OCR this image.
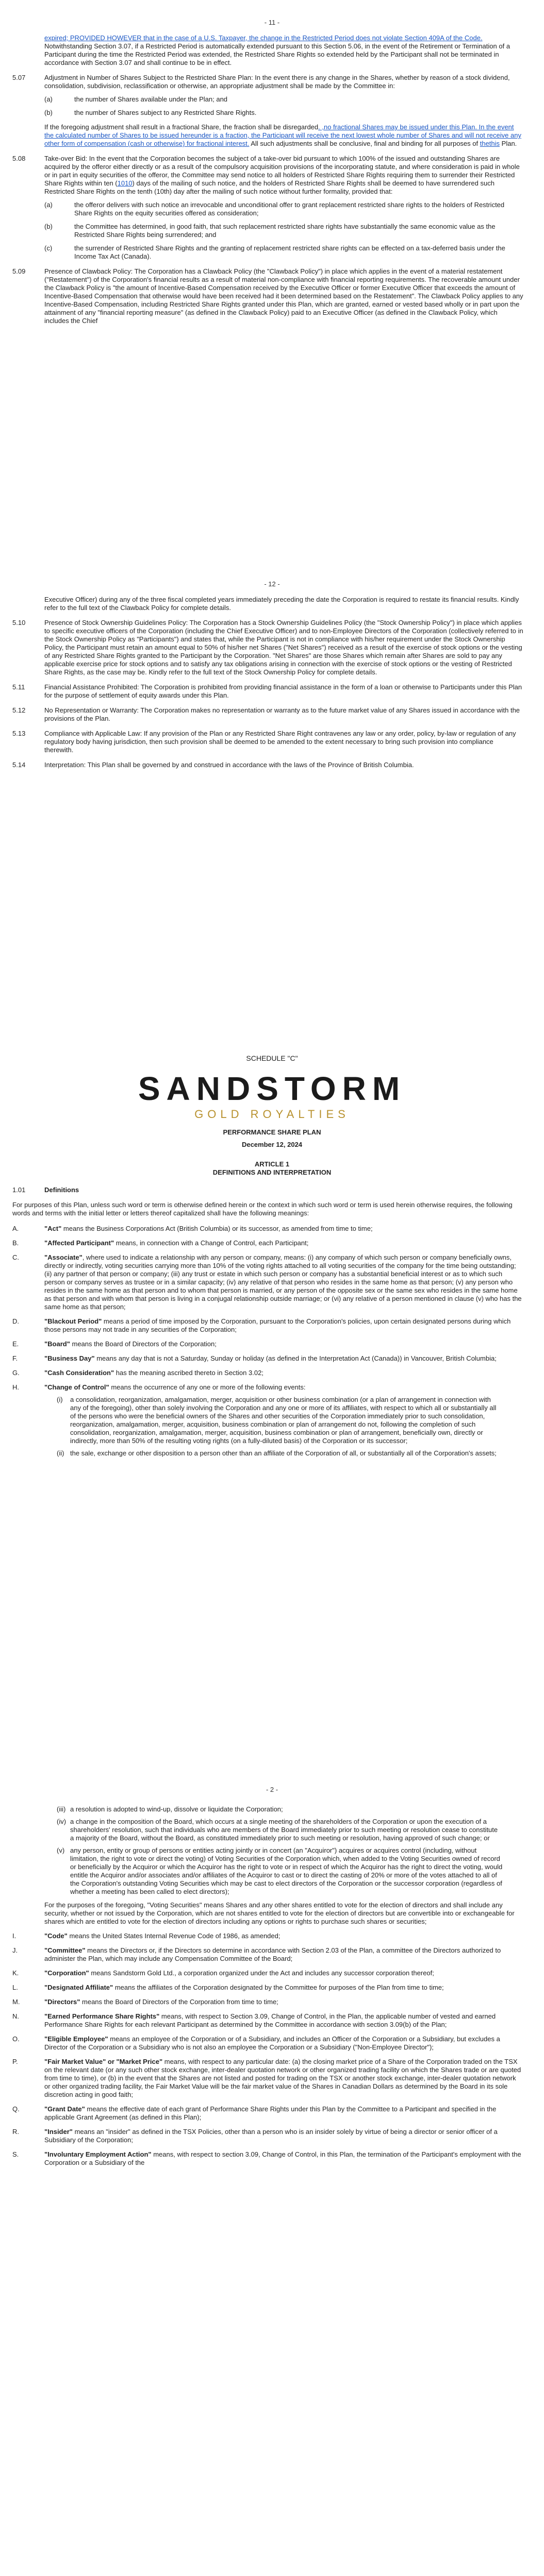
- 11 -

expired; PROVIDED HOWEVER that in the case of a U.S. Taxpayer, the change in the Restricted Period does not violate Section 409A of the Code. Notwithstanding Section 3.07, if a Restricted Period is automatically extended pursuant to this Section 5.06, in the event of the Retirement or Termination of a Participant during the time the Restricted Period was extended, the Restricted Share Rights so extended held by the Participant shall not be terminated in accordance with Section 3.07 and shall continue to be in effect.

5.07	Adjustment in Number of Shares Subject to the Restricted Share Plan: In the event there is any change in the Shares, whether by reason of a stock dividend, consolidation, subdivision, reclassification or otherwise, an appropriate adjustment shall be made by the Committee in:

(a)	the number of Shares available under the Plan; and
(b)	the number of Shares subject to any Restricted Share Rights.

If the foregoing adjustment shall result in a fractional Share, the fraction shall be disregarded. ,no fractional Shares may be issued under this Plan. In the event the calculated number of Shares to be issued hereunder is a fraction, the Participant will receive the next lowest whole number of Shares and will not receive any other form of compensation (cash or otherwise) for fractional interest. All such adjustments shall be conclusive, final and binding for all purposes of thethis Plan.

5.08	Take-over Bid: In the event that the Corporation becomes the subject of a take-over bid pursuant to which 100% of the issued and outstanding Shares are acquired by the offeror either directly or as a result of the compulsory acquisition provisions of the incorporating statute, and where consideration is paid in whole or in part in equity securities of the offeror, the Committee may send notice to all holders of Restricted Share Rights requiring them to surrender their Restricted Share Rights within ten (1010) days of the mailing of such notice, and the holders of Restricted Share Rights shall be deemed to have surrendered such Restricted Share Rights on the tenth (10th) day after the mailing of such notice without further formality, provided that:

(a)	the offeror delivers with such notice an irrevocable and unconditional offer to grant replacement restricted share rights to the holders of Restricted Share Rights on the equity securities offered as consideration;
(b)	the Committee has determined, in good faith, that such replacement restricted share rights have substantially the same economic value as the Restricted Share Rights being surrendered; and
(c)	the surrender of Restricted Share Rights and the granting of replacement restricted share rights can be effected on a tax-deferred basis under the Income Tax Act (Canada).
5.09	Presence of Clawback Policy: The Corporation has a Clawback Policy (the "Clawback Policy") in place which applies in the event of a material restatement ("Restatement") of the Corporation's financial results as a result of material non-compliance with financial reporting requirements. The recoverable amount under the Clawback Policy is "the amount of Incentive-Based Compensation received by the Executive Officer or former Executive Officer that exceeds the amount of Incentive-Based Compensation that otherwise would have been received had it been determined based on the Restatement". The Clawback Policy applies to any Incentive-Based Compensation, including Restricted Share Rights granted under this Plan, which are granted, earned or vested based wholly or in part upon the attainment of any "financial reporting measure" (as defined in the Clawback Policy) paid to an Executive Officer (as defined in the Clawback Policy, which includes the Chief

- 12 -

Executive Officer) during any of the three fiscal completed years immediately preceding the date the Corporation is required to restate its financial results. Kindly refer to the full text of the Clawback Policy for complete details.

5.10	Presence of Stock Ownership Guidelines Policy: The Corporation has a Stock Ownership Guidelines Policy (the "Stock Ownership Policy") in place which applies to specific executive officers of the Corporation (including the Chief Executive Officer) and to non-Employee Directors of the Corporation (collectively referred to in the Stock Ownership Policy as "Participants") and states that, while the Participant is not in compliance with his/her requirement under the Stock Ownership Policy, the Participant must retain an amount equal to 50% of his/her net Shares ("Net Shares") received as a result of the exercise of stock options or the vesting of any Restricted Share Rights granted to the Participant by the Corporation. "Net Shares" are those Shares which remain after Shares are sold to pay any applicable exercise price for stock options and to satisfy any tax obligations arising in connection with the exercise of stock options or the vesting of Restricted Share Rights, as the case may be. Kindly refer to the full text of the Stock Ownership Policy for complete details.

5.11	Financial Assistance Prohibited: The Corporation is prohibited from providing financial assistance in the form of a loan or otherwise to Participants under this Plan for the purpose of settlement of equity awards under this Plan.

5.12	No Representation or Warranty: The Corporation makes no representation or warranty as to the future market value of any Shares issued in accordance with the provisions of the Plan.

5.13	Compliance with Applicable Law: If any provision of the Plan or any Restricted Share Right contravenes any law or any order, policy, by-law or regulation of any regulatory body having jurisdiction, then such provision shall be deemed to be amended to the extent necessary to bring such provision into compliance therewith.

5.14	Interpretation: This Plan shall be governed by and construed in accordance with the laws of the Province of British Columbia.

SCHEDULE "C"

SANDSTORM
GOLD ROYALTIES

PERFORMANCE SHARE PLAN

December 12, 2024

ARTICLE 1

DEFINITIONS AND INTERPRETATION

1.01	Definitions

For purposes of this Plan, unless such word or term is otherwise defined herein or the context in which such word or term is used herein otherwise requires, the following words and terms with the initial letter or letters thereof capitalized shall have the following meanings:

A.	"Act" means the Business Corporations Act (British Columbia) or its successor, as amended from time to time;
B.	"Affected Participant" means, in connection with a Change of Control, each Participant;
C.	"Associate", where used to indicate a relationship with any person or company, means: (i) any company of which such person or company beneficially owns, directly or indirectly, voting securities carrying more than 10% of the voting rights attached to all voting securities of the company for the time being outstanding; (ii) any partner of that person or company; (iii) any trust or estate in which such person or company has a substantial beneficial interest or as to which such person or company serves as trustee or in a similar capacity; (iv) any relative of that person who resides in the same home as that person; (v) any person who resides in the same home as that person and to whom that person is married, or any person of the opposite sex or the same sex who resides in the same home as that person and with whom that person is living in a conjugal relationship outside marriage; or (vi) any relative of a person mentioned in clause (v) who has the same home as that person;
D.	"Blackout Period" means a period of time imposed by the Corporation, pursuant to the Corporation's policies, upon certain designated persons during which those persons may not trade in any securities of the Corporation;
E.	"Board" means the Board of Directors of the Corporation;
F.	"Business Day" means any day that is not a Saturday, Sunday or holiday (as defined in the Interpretation Act (Canada)) in Vancouver, British Columbia;
G.	"Cash Consideration" has the meaning ascribed thereto in Section 3.02;
H.	"Change of Control" means the occurrence of any one or more of the following events:
(i)	a consolidation, reorganization, amalgamation, merger, acquisition or other business combination (or a plan of arrangement in connection with any of the foregoing), other than solely involving the Corporation and any one or more of its affiliates, with respect to which all or substantially all of the persons who were the beneficial owners of the Shares and other securities of the Corporation immediately prior to such consolidation, reorganization, amalgamation, merger, acquisition, business combination or plan of arrangement do not, following the completion of such consolidation, reorganization, amalgamation, merger, acquisition, business combination or plan of arrangement, beneficially own, directly or indirectly, more than 50% of the resulting voting rights (on a fully-diluted basis) of the Corporation or its successor;
(ii) the sale, exchange or other disposition to a person other than an affiliate of the Corporation of all, or substantially all of the Corporation's assets;

- 2 -

(iii) a resolution is adopted to wind-up, dissolve or liquidate the Corporation;
(iv) a change in the composition of the Board, which occurs at a single meeting of the shareholders of the Corporation or upon the execution of a shareholders' resolution, such that individuals who are members of the Board immediately prior to such meeting or resolution cease to constitute a majority of the Board, without the Board, as constituted immediately prior to such meeting or resolution, having approved of such change; or
(v) any person, entity or group of persons or entities acting jointly or in concert (an "Acquiror") acquires or acquires control (including, without limitation, the right to vote or direct the voting) of Voting Securities of the Corporation which, when added to the Voting Securities owned of record or beneficially by the Acquiror or which the Acquiror has the right to vote or in respect of which the Acquiror has the right to direct the voting, would entitle the Acquiror and/or associates and/or affiliates of the Acquiror to cast or to direct the casting of 20% or more of the votes attached to all of the Corporation's outstanding Voting Securities which may be cast to elect directors of the Corporation or the successor corporation (regardless of whether a meeting has been called to elect directors);

For the purposes of the foregoing, "Voting Securities" means Shares and any other shares entitled to vote for the election of directors and shall include any security, whether or not issued by the Corporation, which are not shares entitled to vote for the election of directors but are convertible into or exchangeable for shares which are entitled to vote for the election of directors including any options or rights to purchase such shares or securities;

I.	"Code" means the United States Internal Revenue Code of 1986, as amended;
J.	"Committee" means the Directors or, if the Directors so determine in accordance with Section 2.03 of the Plan, a committee of the Directors authorized to administer the Plan, which may include any Compensation Committee of the Board;
K.	"Corporation" means Sandstorm Gold Ltd., a corporation organized under the Act and includes any successor corporation thereof;
L.	"Designated Affiliate" means the affiliates of the Corporation designated by the Committee for purposes of the Plan from time to time;
M.	"Directors" means the Board of Directors of the Corporation from time to time;
N.	"Earned Performance Share Rights" means, with respect to Section 3.09, Change of Control, in the Plan, the applicable number of vested and earned Performance Share Rights for each relevant Participant as determined by the Committee in accordance with section 3.09(b) of the Plan;
O.	"Eligible Employee" means an employee of the Corporation or of a Subsidiary, and includes an Officer of the Corporation or a Subsidiary, but excludes a Director of the Corporation or a Subsidiary who is not also an employee the Corporation or a Subsidiary ("Non-Employee Director");
P.	"Fair Market Value" or "Market Price" means, with respect to any particular date: (a) the closing market price of a Share of the Corporation traded on the TSX on the relevant date (or any such other stock exchange, inter-dealer quotation network or other organized trading facility on which the Shares trade or are quoted from time to time), or (b) in the event that the Shares are not listed and posted for trading on the TSX or another stock exchange, inter-dealer quotation network or other organized trading facility, the Fair Market Value will be the fair market value of the Shares in Canadian Dollars as determined by the Board in its sole discretion acting in good faith;
Q.	"Grant Date" means the effective date of each grant of Performance Share Rights under this Plan by the Committee to a Participant and specified in the applicable Grant Agreement (as defined in this Plan);
R.	"Insider" means an "insider" as defined in the TSX Policies, other than a person who is an insider solely by virtue of being a director or senior officer of a Subsidiary of the Corporation;
S.	"Involuntary Employment Action" means, with respect to section 3.09, Change of Control, in this Plan, the termination of the Participant's employment with the Corporation or a Subsidiary of the
